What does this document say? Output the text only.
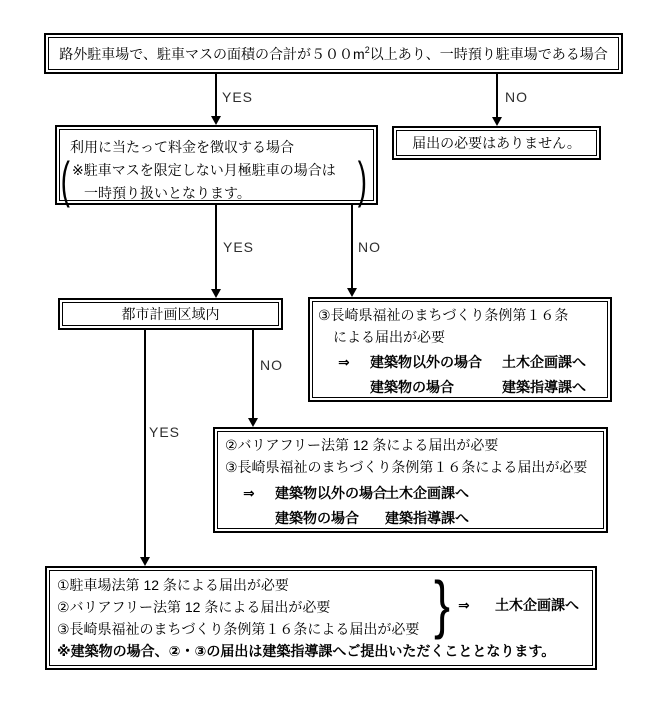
YES	NO
YES	NO
YES
NO
路外駐車場で、駐車マスの面積の合計が$500m^2$以上あり、一時預り駐車場である場合
利用に当たって料金を徴収する場合
※駐車マスを限定しない月極駐車の場合は
一時預り扱いとなります。
(	)
届出の必要はありません。
都市計画区域内	③長崎県福祉のまちづくり条例第１６条
による届出が必要
⇒	建築物以外の場合	土木企画課へ
建築物の場合	建築指導課へ
②バリアフリー法第 12 条による届出が必要
③長崎県福祉のまちづくり条例第１６条による届出が必要
⇒	建築物以外の場合
土木企画課へ
建築物の場合	建築指導課へ
①駐車場法第 12 条による届出が必要
②バリアフリー法第 12 条による届出が必要
③長崎県福祉のまちづくり条例第１６条による届出が必要 } ⇒ 土木企画課へ
※建築物の場合、②・③の届出は建築指導課へご提出いただくこととなります。
